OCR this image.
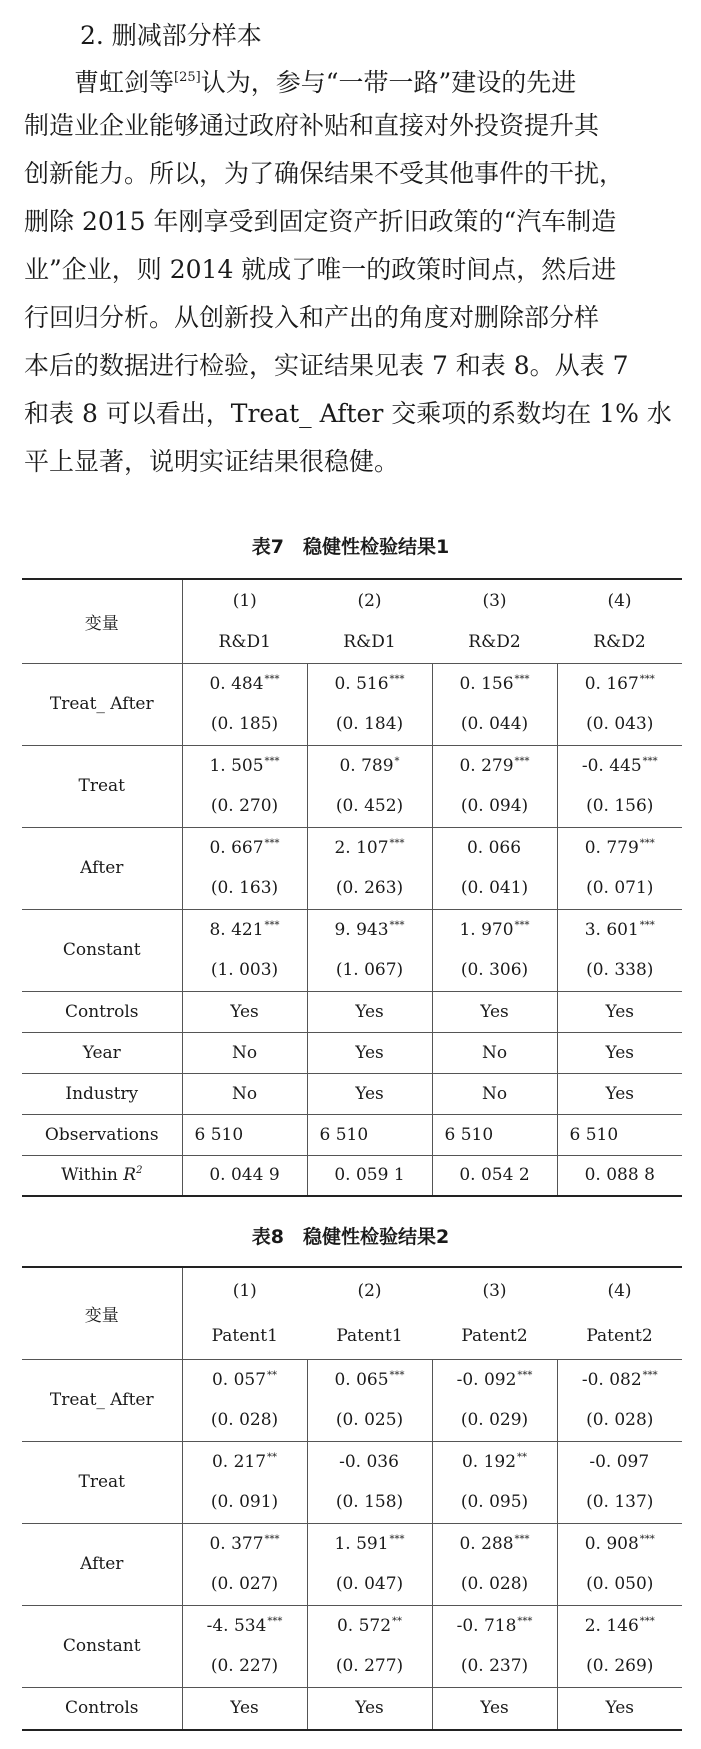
2. 删减部分样本
曹虹剑等[25]认为，参与“一带一路”建设的先进
制造业企业能够通过政府补贴和直接对外投资提升其
创新能力。所以，为了确保结果不受其他事件的干扰，
删除 2015 年刚享受到固定资产折旧政策的“汽车制造
业”企业，则 2014 就成了唯一的政策时间点，然后进
行回归分析。从创新投入和产出的角度对删除部分样
本后的数据进行检验，实证结果见表 7 和表 8。从表 7
和表 8 可以看出，Treat_ After 交乘项的系数均在 1% 水
平上显著，说明实证结果很稳健。
表7　稳健性检验结果1
变量	(1)	(2)	(3)	(4)
	R&D1	R&D1	R&D2	R&D2
Treat_ After	0. 484***	0. 516***	0. 156***	0. 167***
	(0. 185)	(0. 184)	(0. 044)	(0. 043)
Treat	1. 505***	0. 789*	0. 279***	-0. 445***
	(0. 270)	(0. 452)	(0. 094)	(0. 156)
After	0. 667***	2. 107***	0. 066	0. 779***
	(0. 163)	(0. 263)	(0. 041)	(0. 071)
Constant	8. 421***	9. 943***	1. 970***	3. 601***
	(1. 003)	(1. 067)	(0. 306)	(0. 338)
Controls	Yes	Yes	Yes	Yes
Year	No	Yes	No	Yes
Industry	No	Yes	No	Yes
Observations	6 510	6 510	6 510	6 510
Within $R^2$	0. 044 9	0. 059 1	0. 054 2	0. 088 8
表8　稳健性检验结果2
变量	(1)	(2)	(3)	(4)
	Patent1	Patent1	Patent2	Patent2
Treat_ After	0. 057**	0. 065***	-0. 092***	-0. 082***
	(0. 028)	(0. 025)	(0. 029)	(0. 028)
Treat	0. 217**	-0. 036	0. 192**	-0. 097
	(0. 091)	(0. 158)	(0. 095)	(0. 137)
After	0. 377***	1. 591***	0. 288***	0. 908***
	(0. 027)	(0. 047)	(0. 028)	(0. 050)
Constant	-4. 534***	0. 572**	-0. 718***	2. 146***
	(0. 227)	(0. 277)	(0. 237)	(0. 269)
Controls	Yes	Yes	Yes	Yes
